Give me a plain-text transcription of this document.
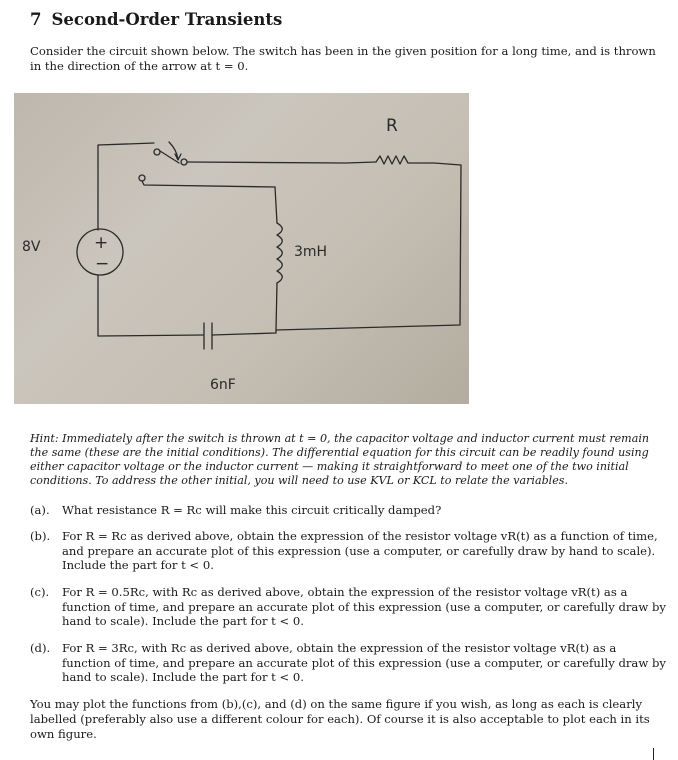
7 Second-Order Transients
Consider the circuit shown below. The switch has been in the given position for a long time, and is thrown in the direction of the arrow at t = 0.
R
8V	+
−
3mH
6nF
Hint: Immediately after the switch is thrown at t = 0, the capacitor voltage and inductor current must remain the same (these are the initial conditions). The differential equation for this circuit can be readily found using either capacitor voltage or the inductor current — making it straightforward to meet one of the two initial conditions. To address the other initial, you will need to use KVL or KCL to relate the variables.
(a). What resistance R = Rc will make this circuit critically damped?
(b). For R = Rc as derived above, obtain the expression of the resistor voltage vR(t) as a function of time, and prepare an accurate plot of this expression (use a computer, or carefully draw by hand to scale). Include the part for t < 0.
(c). For R = 0.5Rc, with Rc as derived above, obtain the expression of the resistor voltage vR(t) as a function of time, and prepare an accurate plot of this expression (use a computer, or carefully draw by hand to scale). Include the part for t < 0.
(d). For R = 3Rc, with Rc as derived above, obtain the expression of the resistor voltage vR(t) as a function of time, and prepare an accurate plot of this expression (use a computer, or carefully draw by hand to scale). Include the part for t < 0.
You may plot the functions from (b),(c), and (d) on the same figure if you wish, as long as each is clearly labelled (preferably also use a different colour for each). Of course it is also acceptable to plot each in its own figure.
